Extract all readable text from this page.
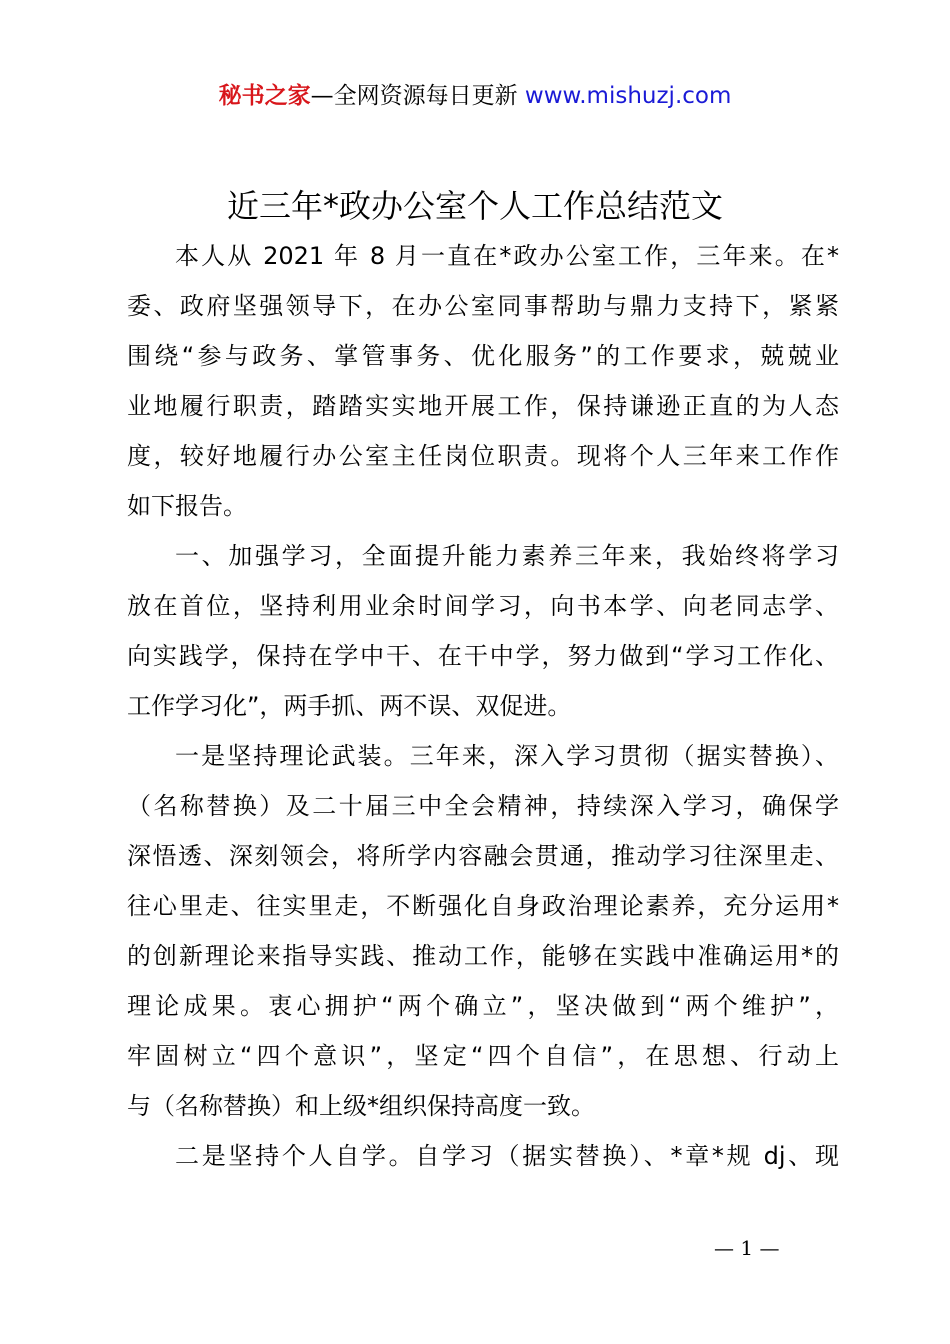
秘书之家—全网资源每日更新 www.mishuzj.com
近三年*政办公室个人工作总结范文

本人从 2021 年 8 月一直在*政办公室工作，三年来。在*
委、政府坚强领导下，在办公室同事帮助与鼎力支持下，紧紧
围绕“参与政务、掌管事务、优化服务”的工作要求，兢兢业
业地履行职责，踏踏实实地开展工作，保持谦逊正直的为人态
度，较好地履行办公室主任岗位职责。现将个人三年来工作作
如下报告。

一、加强学习，全面提升能力素养三年来，我始终将学习
放在首位，坚持利用业余时间学习，向书本学、向老同志学、
向实践学，保持在学中干、在干中学，努力做到“学习工作化、
工作学习化”，两手抓、两不误、双促进。

一是坚持理论武装。三年来，深入学习贯彻（据实替换）、
（名称替换）及二十届三中全会精神，持续深入学习，确保学
深悟透、深刻领会，将所学内容融会贯通，推动学习往深里走、
往心里走、往实里走，不断强化自身政治理论素养，充分运用*
的创新理论来指导实践、推动工作，能够在实践中准确运用*的
理论成果。衷心拥护“两个确立”，坚决做到“两个维护”，
牢固树立“四个意识”，坚定“四个自信”，在思想、行动上
与（名称替换）和上级*组织保持高度一致。

二是坚持个人自学。自学习（据实替换）、*章*规 dj、现

— 1 —
